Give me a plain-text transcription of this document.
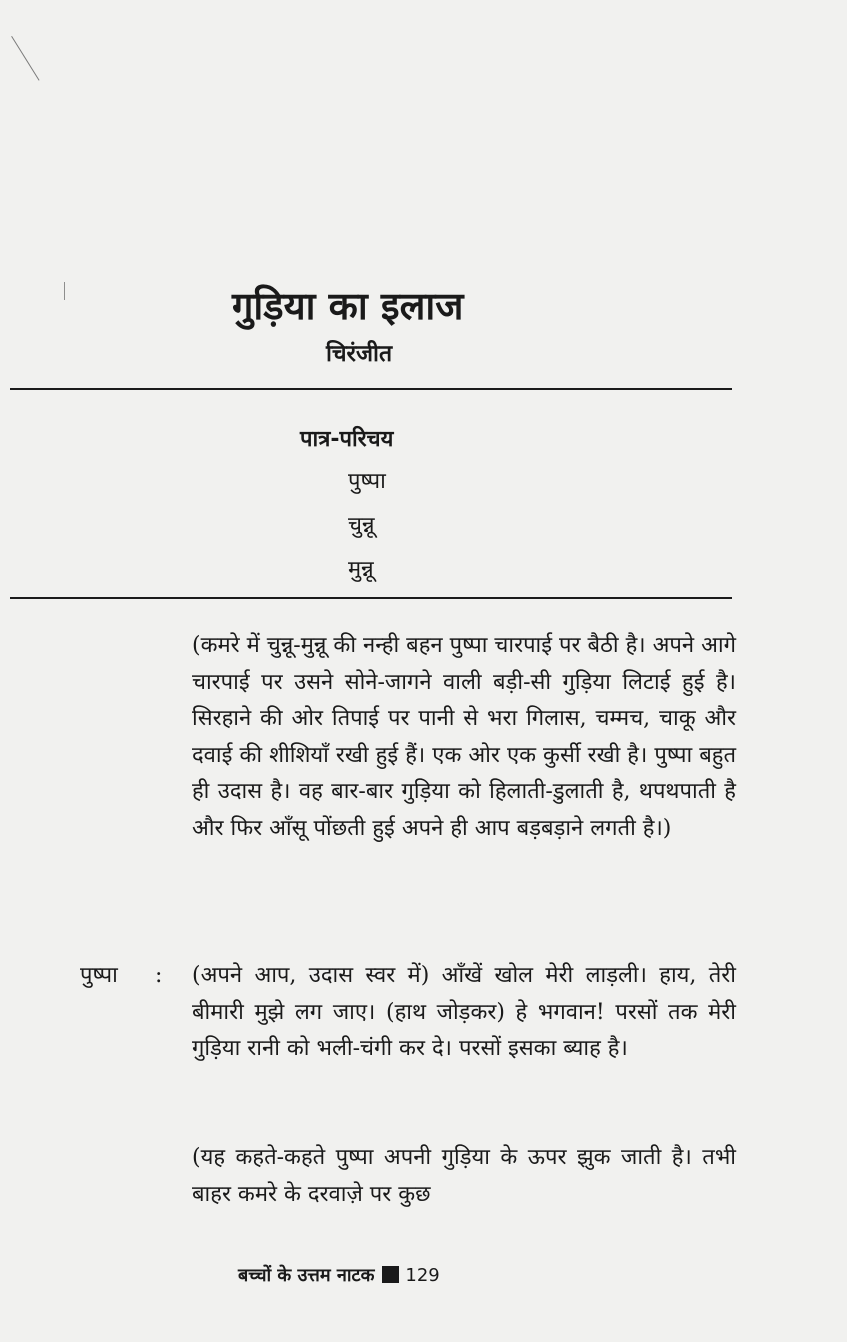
गुड़िया का इलाज
चिरंजीत
पात्र-परिचय
पुष्पा
चुन्नू
मुन्नू
(कमरे में चुन्नू-मुन्नू की नन्ही बहन पुष्पा चारपाई पर बैठी है। अपने आगे चारपाई पर उसने सोने-जागने वाली बड़ी-सी गुड़िया लिटाई हुई है। सिरहाने की ओर तिपाई पर पानी से भरा गिलास, चम्मच, चाकू और दवाई की शीशियाँ रखी हुई हैं। एक ओर एक कुर्सी रखी है। पुष्पा बहुत ही उदास है। वह बार-बार गुड़िया को हिलाती-डुलाती है, थपथपाती है और फिर आँसू पोंछती हुई अपने ही आप बड़बड़ाने लगती है।)
पुष्पा : (अपने आप, उदास स्वर में) आँखें खोल मेरी लाड़ली। हाय, तेरी बीमारी मुझे लग जाए। (हाथ जोड़कर) हे भगवान! परसों तक मेरी गुड़िया रानी को भली-चंगी कर दे। परसों इसका ब्याह है।
(यह कहते-कहते पुष्पा अपनी गुड़िया के ऊपर झुक जाती है। तभी बाहर कमरे के दरवाज़े पर कुछ
बच्चों के उत्तम नाटक 129
